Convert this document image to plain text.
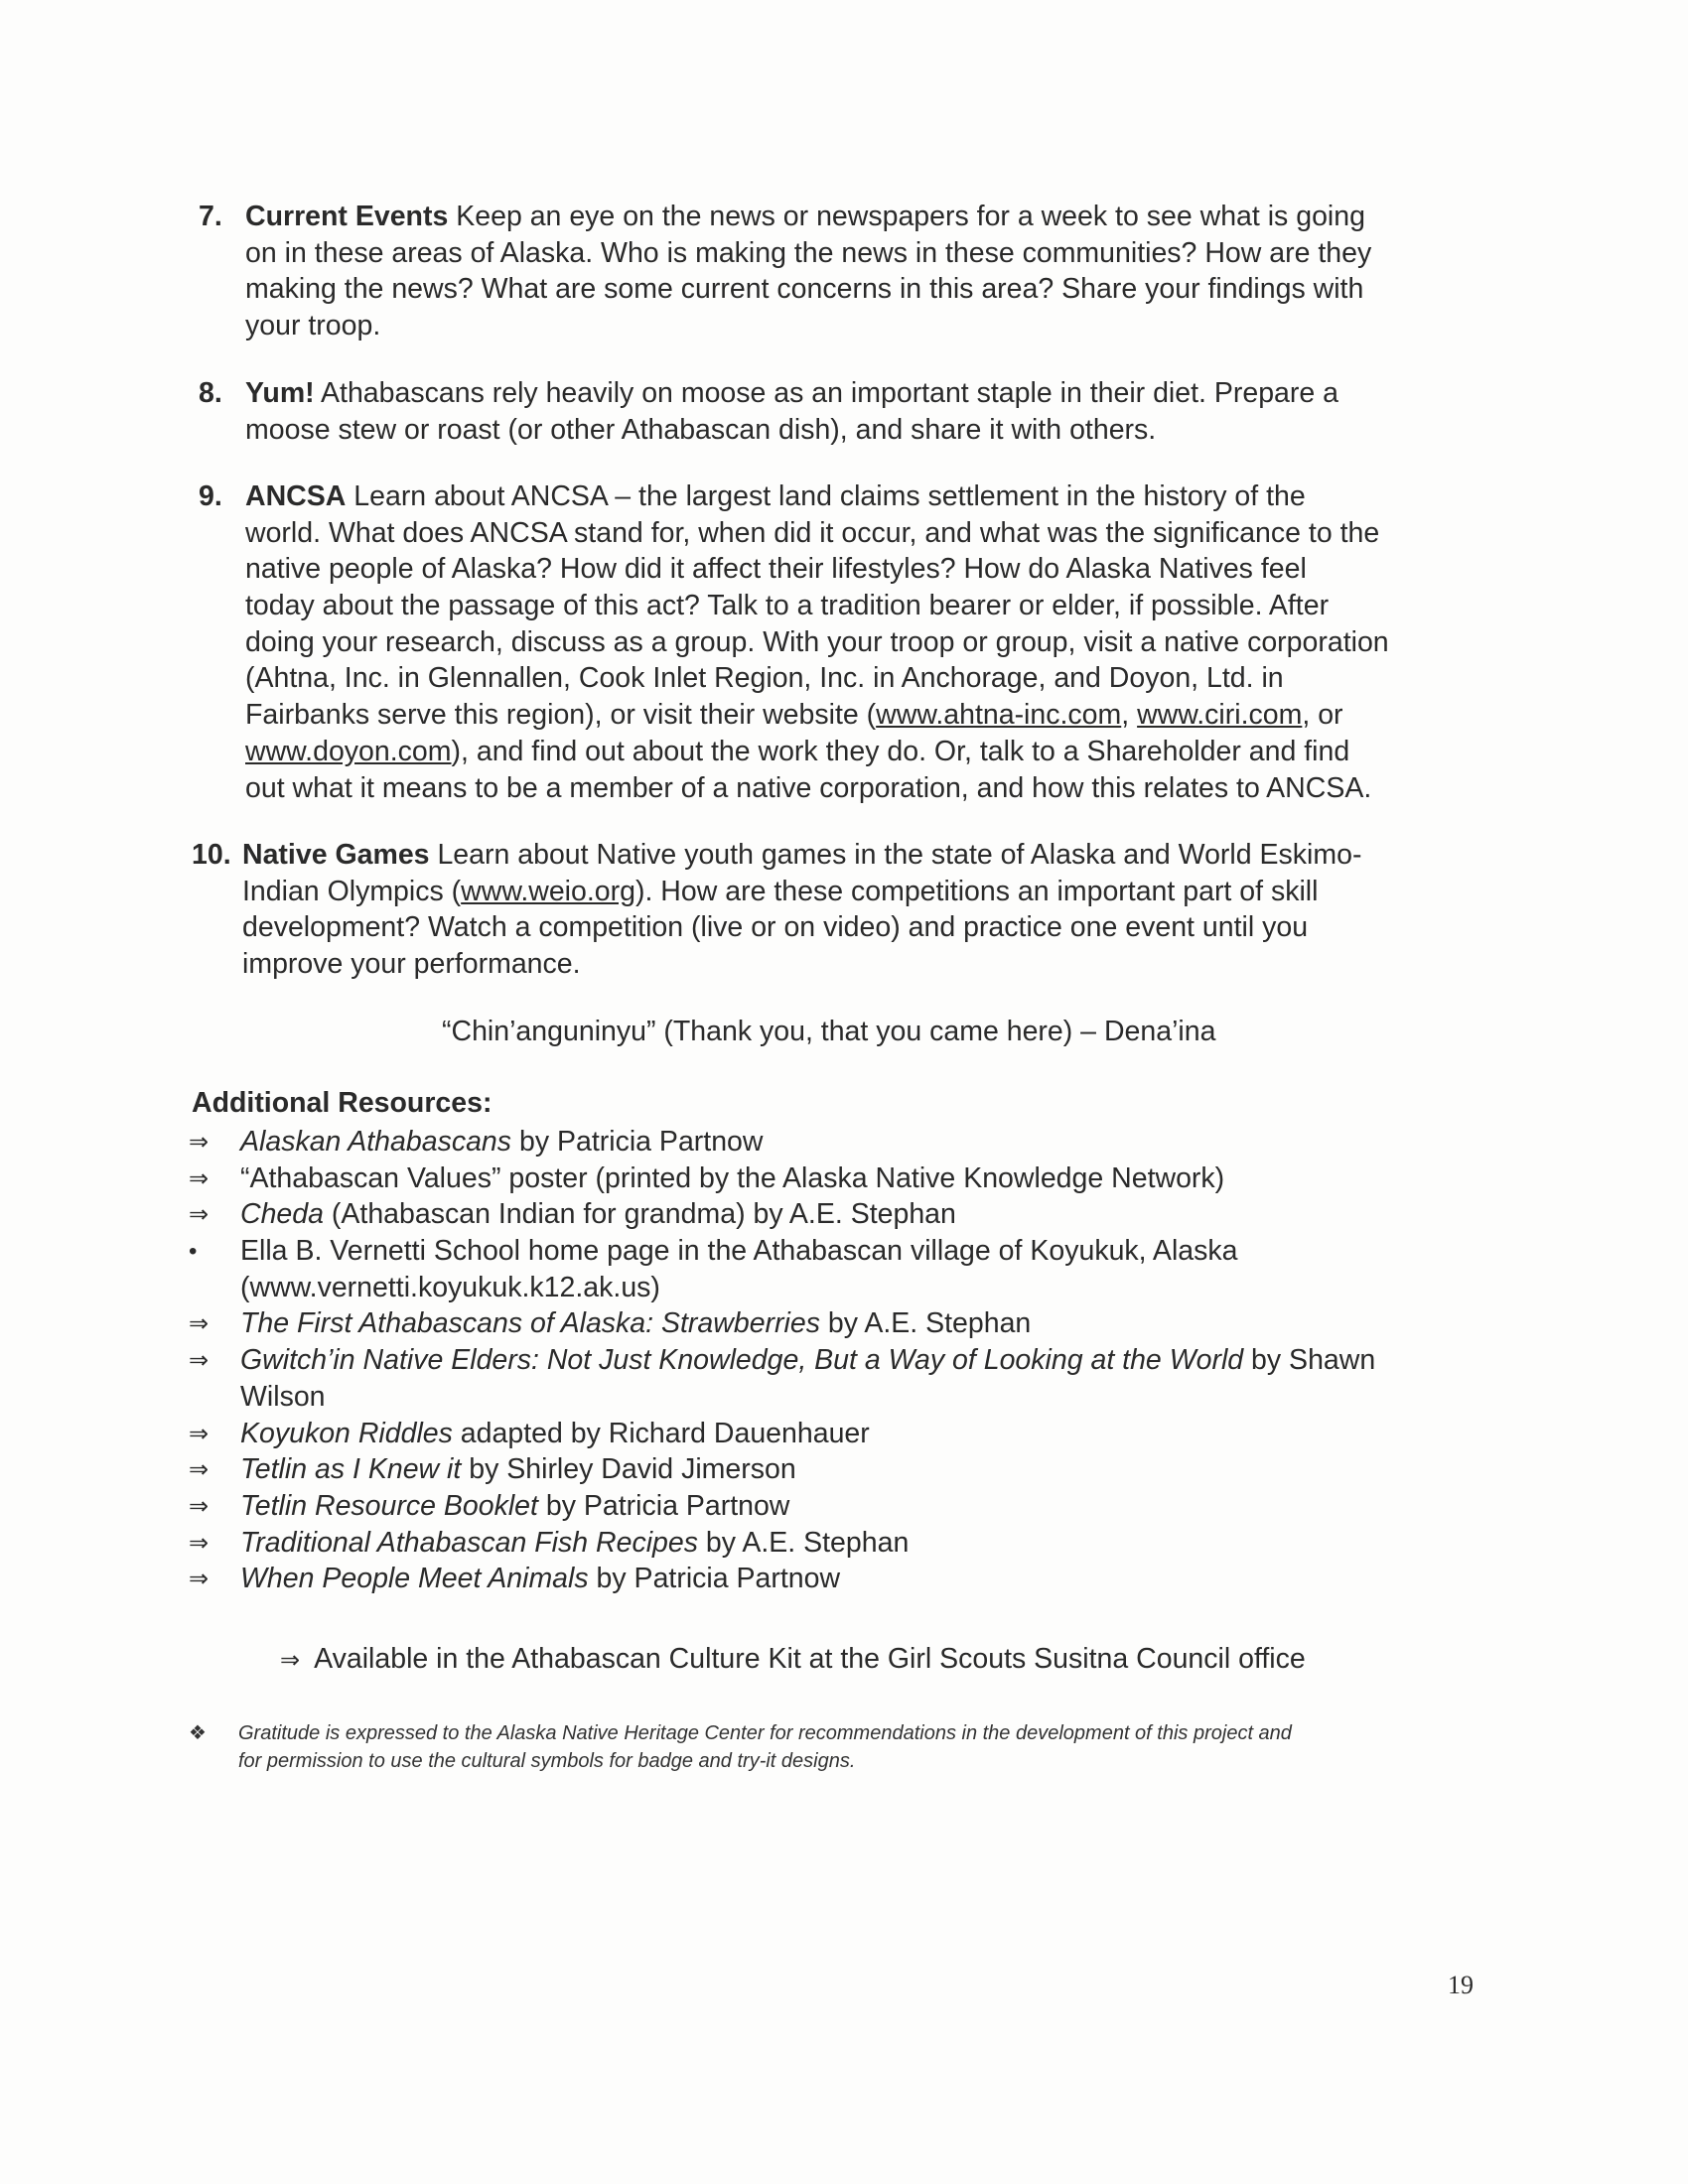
7. Current Events Keep an eye on the news or newspapers for a week to see what is going
on in these areas of Alaska. Who is making the news in these communities? How are they
making the news? What are some current concerns in this area? Share your findings with
your troop.
8. Yum! Athabascans rely heavily on moose as an important staple in their diet. Prepare a
moose stew or roast (or other Athabascan dish), and share it with others.
9. ANCSA Learn about ANCSA – the largest land claims settlement in the history of the
world. What does ANCSA stand for, when did it occur, and what was the significance to the
native people of Alaska? How did it affect their lifestyles? How do Alaska Natives feel
today about the passage of this act? Talk to a tradition bearer or elder, if possible. After
doing your research, discuss as a group. With your troop or group, visit a native corporation
(Ahtna, Inc. in Glennallen, Cook Inlet Region, Inc. in Anchorage, and Doyon, Ltd. in
Fairbanks serve this region), or visit their website (www.ahtna-inc.com, www.ciri.com, or
www.doyon.com), and find out about the work they do. Or, talk to a Shareholder and find
out what it means to be a member of a native corporation, and how this relates to ANCSA.
10. Native Games Learn about Native youth games in the state of Alaska and World Eskimo-
Indian Olympics (www.weio.org). How are these competitions an important part of skill
development? Watch a competition (live or on video) and practice one event until you
improve your performance.
“Chin’anguninyu” (Thank you, that you came here) – Dena’ina
Additional Resources:
⇒ Alaskan Athabascans by Patricia Partnow
⇒ “Athabascan Values” poster (printed by the Alaska Native Knowledge Network)
⇒ Cheda (Athabascan Indian for grandma) by A.E. Stephan
• Ella B. Vernetti School home page in the Athabascan village of Koyukuk, Alaska
(www.vernetti.koyukuk.k12.ak.us)
⇒ The First Athabascans of Alaska: Strawberries by A.E. Stephan
⇒ Gwitch’in Native Elders: Not Just Knowledge, But a Way of Looking at the World by Shawn
Wilson
⇒ Koyukon Riddles adapted by Richard Dauenhauer
⇒ Tetlin as I Knew it by Shirley David Jimerson
⇒ Tetlin Resource Booklet by Patricia Partnow
⇒ Traditional Athabascan Fish Recipes by A.E. Stephan
⇒ When People Meet Animals by Patricia Partnow
⇒ Available in the Athabascan Culture Kit at the Girl Scouts Susitna Council office
❖ Gratitude is expressed to the Alaska Native Heritage Center for recommendations in the development of this project and
for permission to use the cultural symbols for badge and try-it designs.
19
